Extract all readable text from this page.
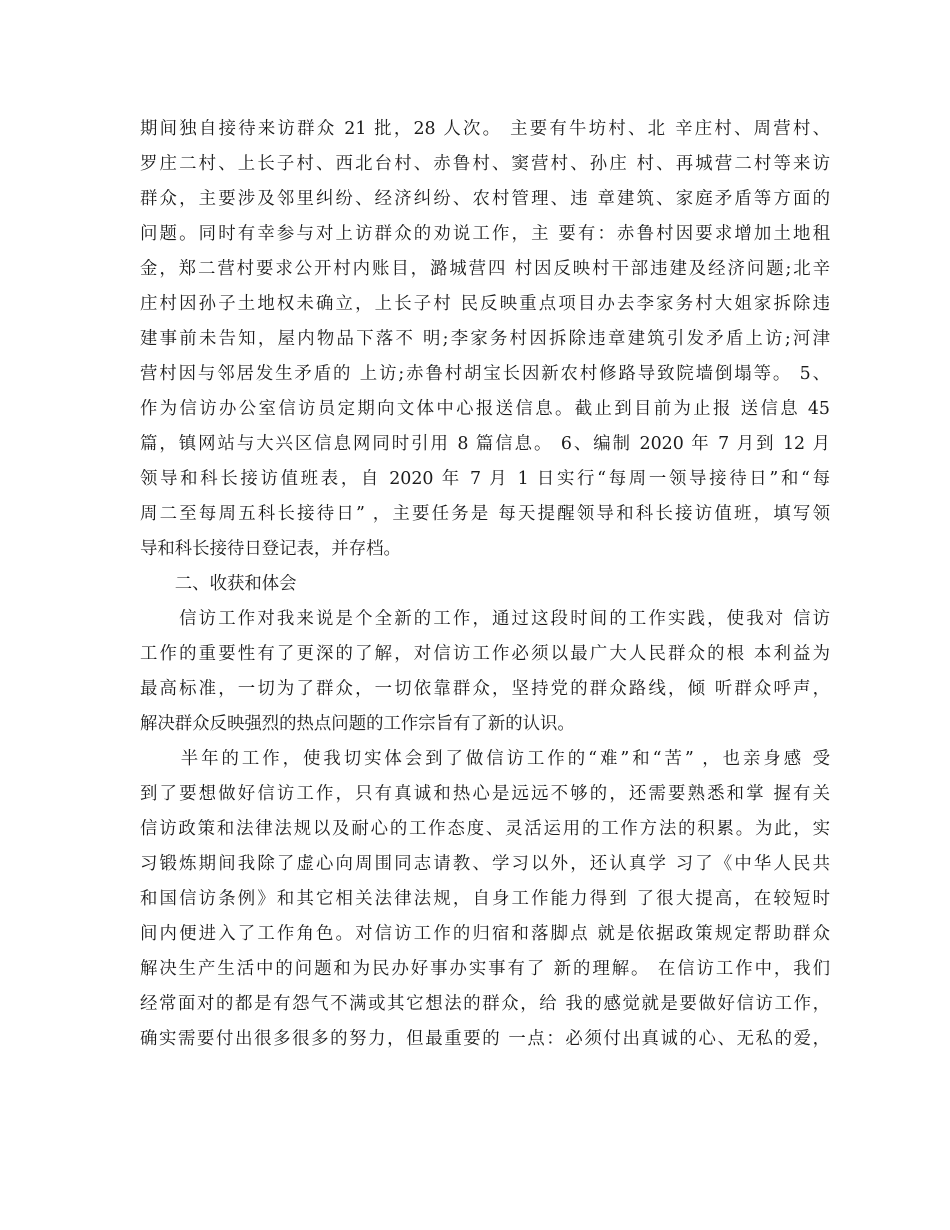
期间独自接待来访群众 21 批，28 人次。 主要有牛坊村、北 辛庄村、周营村、
罗庄二村、上长子村、西北台村、赤鲁村、窦营村、孙庄 村、再城营二村等来访
群众，主要涉及邻里纠纷、经济纠纷、农村管理、违 章建筑、家庭矛盾等方面的
问题。同时有幸参与对上访群众的劝说工作，主 要有：赤鲁村因要求增加土地租
金，郑二营村要求公开村内账目，潞城营四 村因反映村干部违建及经济问题;北辛
庄村因孙子土地权未确立，上长子村 民反映重点项目办去李家务村大姐家拆除违
建事前未告知，屋内物品下落不 明;李家务村因拆除违章建筑引发矛盾上访;河津
营村因与邻居发生矛盾的 上访;赤鲁村胡宝长因新农村修路导致院墙倒塌等。 5、
作为信访办公室信访员定期向文体中心报送信息。截止到目前为止报 送信息 45
篇，镇网站与大兴区信息网同时引用 8 篇信息。 6、编制 2020 年 7 月到 12 月
领导和科长接访值班表，自 2020 年 7 月 1 日实行“每周一领导接待日”和“每
周二至每周五科长接待日” ，主要任务是 每天提醒领导和科长接访值班，填写领
导和科长接待日登记表，并存档。
　　二、收获和体会
　　信访工作对我来说是个全新的工作，通过这段时间的工作实践，使我对 信访
工作的重要性有了更深的了解，对信访工作必须以最广大人民群众的根 本利益为
最高标准，一切为了群众，一切依靠群众，坚持党的群众路线，倾 听群众呼声，
解决群众反映强烈的热点问题的工作宗旨有了新的认识。
　　半年的工作，使我切实体会到了做信访工作的“难”和“苦” ，也亲身感 受
到了要想做好信访工作，只有真诚和热心是远远不够的，还需要熟悉和掌 握有关
信访政策和法律法规以及耐心的工作态度、灵活运用的工作方法的积累。为此，实
习锻炼期间我除了虚心向周围同志请教、学习以外，还认真学 习了《中华人民共
和国信访条例》和其它相关法律法规，自身工作能力得到 了很大提高，在较短时
间内便进入了工作角色。对信访工作的归宿和落脚点 就是依据政策规定帮助群众
解决生产生活中的问题和为民办好事办实事有了 新的理解。 在信访工作中，我们
经常面对的都是有怨气不满或其它想法的群众，给 我的感觉就是要做好信访工作，
确实需要付出很多很多的努力，但最重要的 一点：必须付出真诚的心、无私的爱，
